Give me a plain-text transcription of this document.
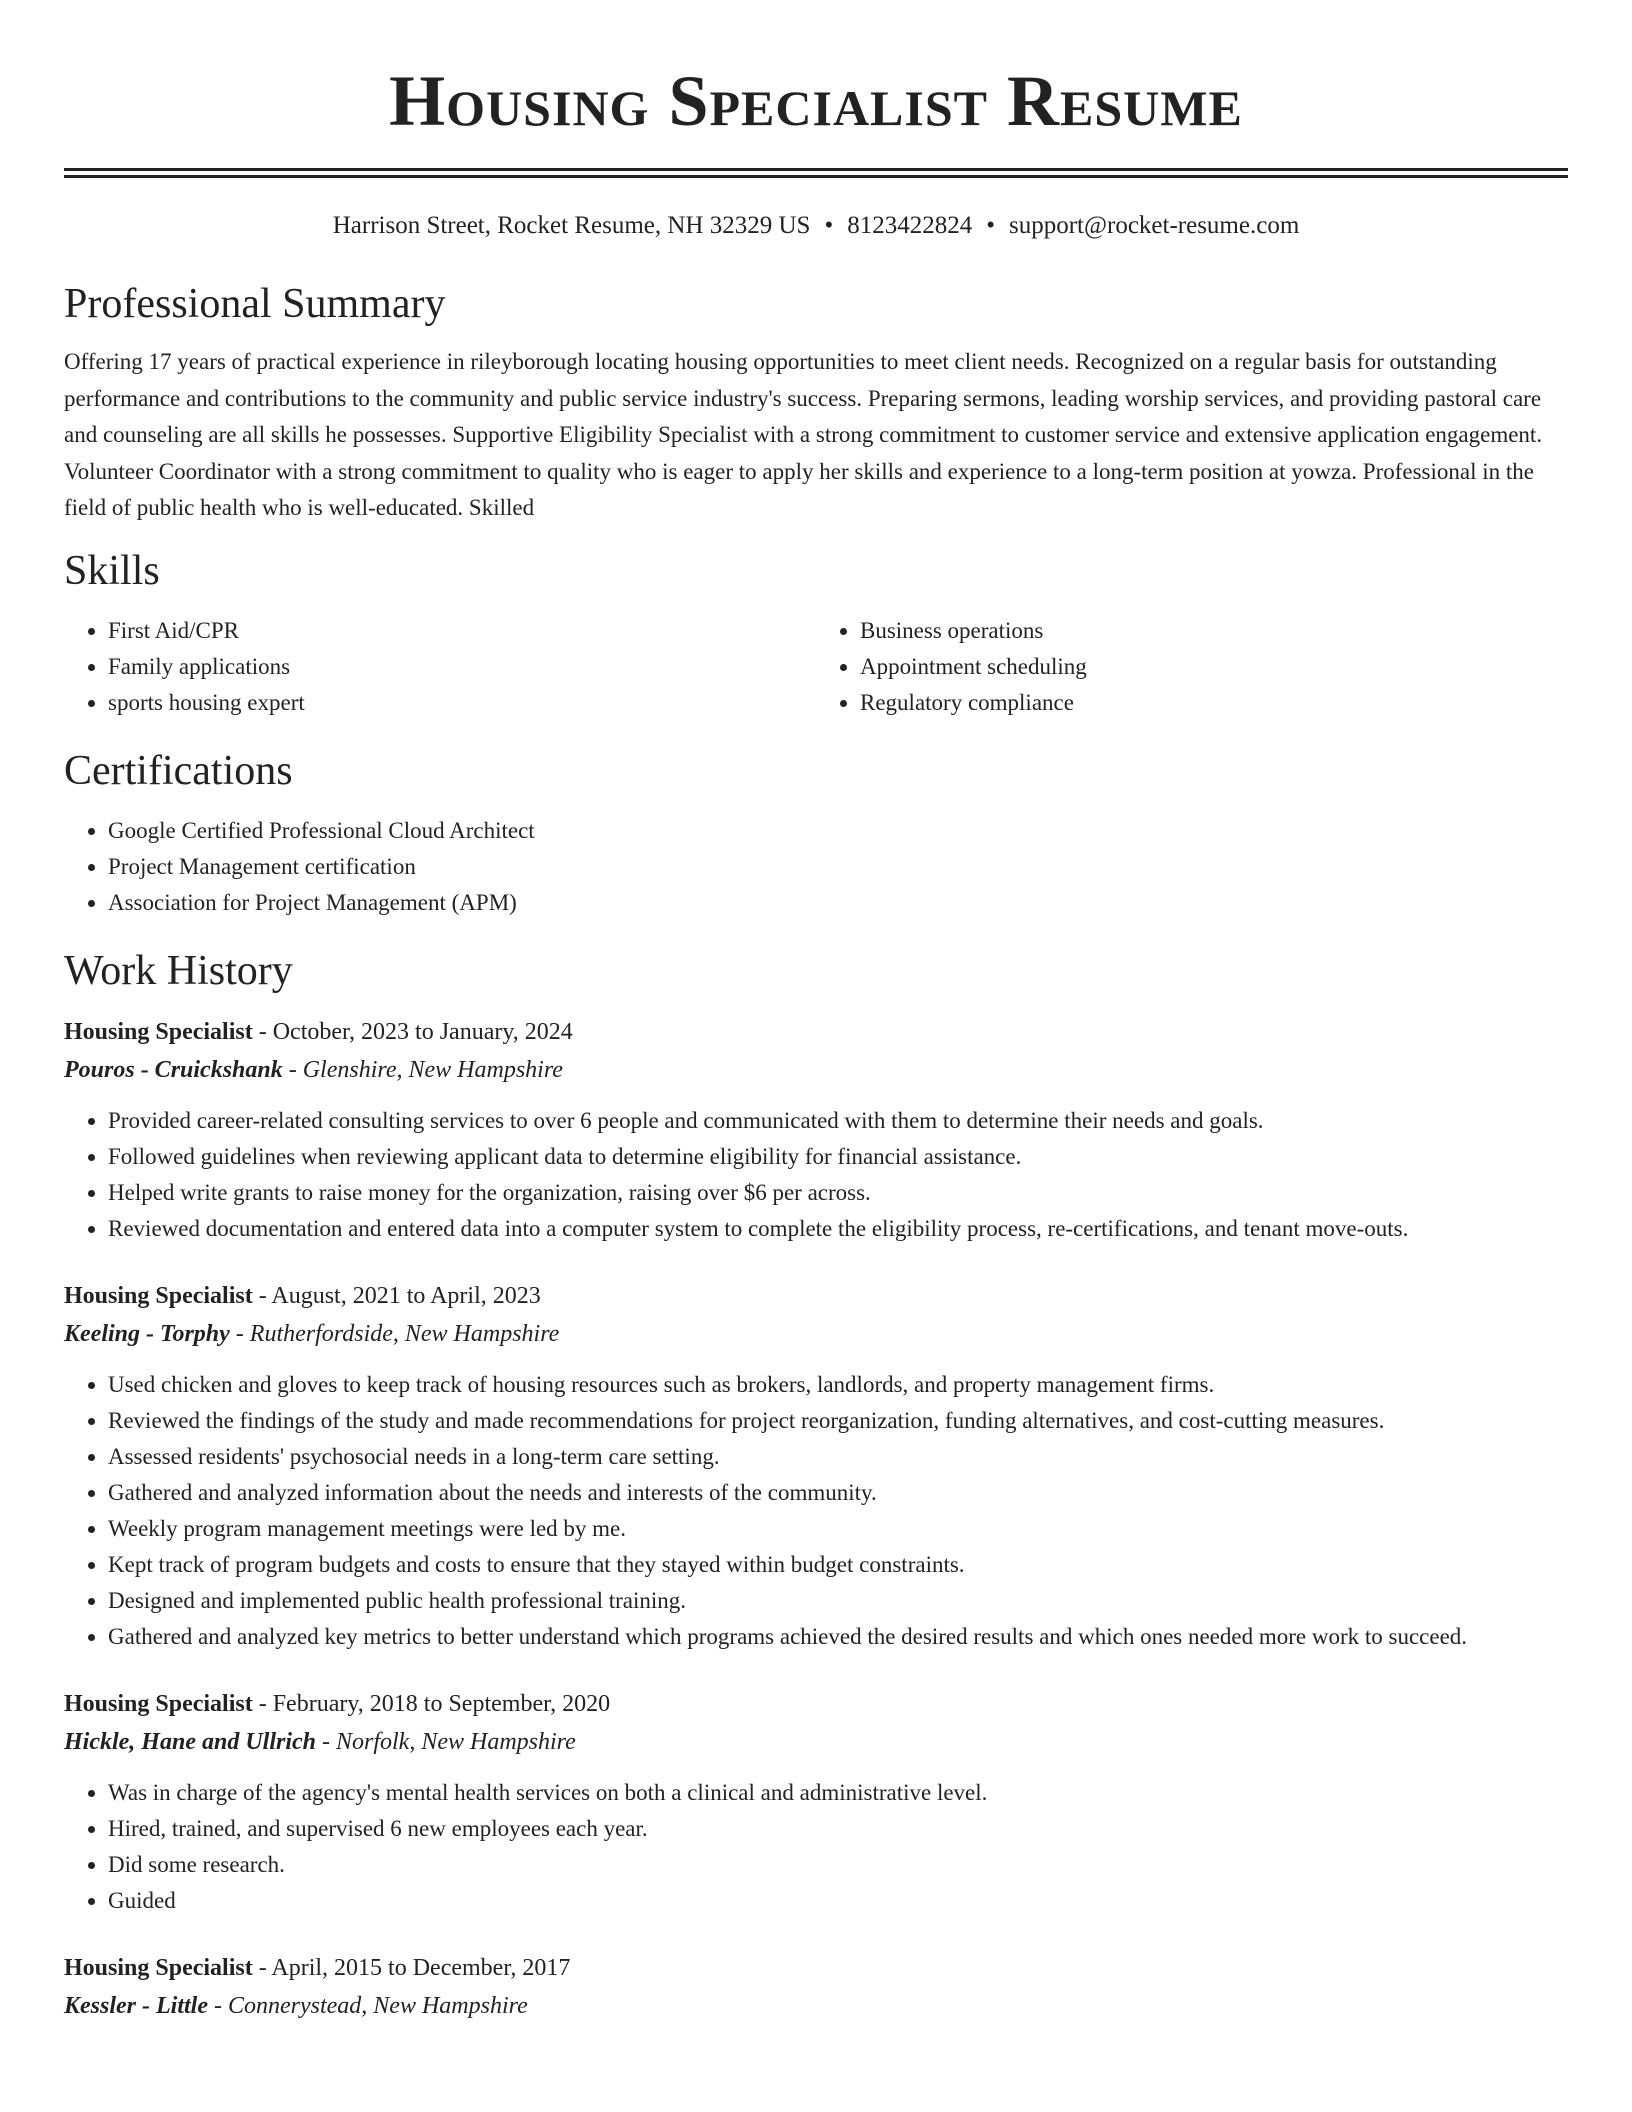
Housing Specialist Resume
Harrison Street, Rocket Resume, NH 32329 US • 8123422824 • support@rocket-resume.com
Professional Summary
Offering 17 years of practical experience in rileyborough locating housing opportunities to meet client needs. Recognized on a regular basis for outstanding performance and contributions to the community and public service industry's success. Preparing sermons, leading worship services, and providing pastoral care and counseling are all skills he possesses. Supportive Eligibility Specialist with a strong commitment to customer service and extensive application engagement. Volunteer Coordinator with a strong commitment to quality who is eager to apply her skills and experience to a long-term position at yowza. Professional in the field of public health who is well-educated. Skilled
Skills
• First Aid/CPR
• Family applications
• sports housing expert
• Business operations
• Appointment scheduling
• Regulatory compliance
Certifications
• Google Certified Professional Cloud Architect
• Project Management certification
• Association for Project Management (APM)
Work History
Housing Specialist - October, 2023 to January, 2024
Pouros - Cruickshank - Glenshire, New Hampshire
• Provided career-related consulting services to over 6 people and communicated with them to determine their needs and goals.
• Followed guidelines when reviewing applicant data to determine eligibility for financial assistance.
• Helped write grants to raise money for the organization, raising over $6 per across.
• Reviewed documentation and entered data into a computer system to complete the eligibility process, re-certifications, and tenant move-outs.
Housing Specialist - August, 2021 to April, 2023
Keeling - Torphy - Rutherfordside, New Hampshire
• Used chicken and gloves to keep track of housing resources such as brokers, landlords, and property management firms.
• Reviewed the findings of the study and made recommendations for project reorganization, funding alternatives, and cost-cutting measures.
• Assessed residents' psychosocial needs in a long-term care setting.
• Gathered and analyzed information about the needs and interests of the community.
• Weekly program management meetings were led by me.
• Kept track of program budgets and costs to ensure that they stayed within budget constraints.
• Designed and implemented public health professional training.
• Gathered and analyzed key metrics to better understand which programs achieved the desired results and which ones needed more work to succeed.
Housing Specialist - February, 2018 to September, 2020
Hickle, Hane and Ullrich - Norfolk, New Hampshire
• Was in charge of the agency's mental health services on both a clinical and administrative level.
• Hired, trained, and supervised 6 new employees each year.
• Did some research.
• Guided
Housing Specialist - April, 2015 to December, 2017
Kessler - Little - Connerystead, New Hampshire
